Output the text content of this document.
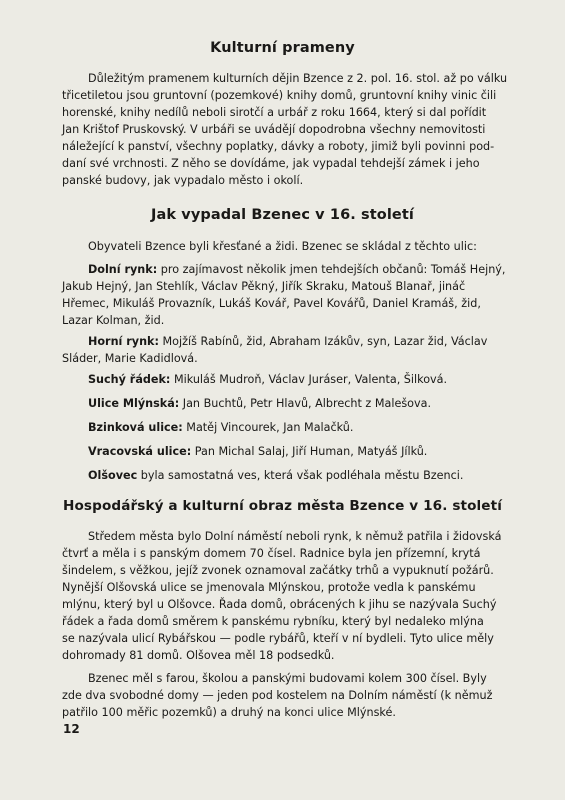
Kulturní prameny
Důležitým pramenem kulturních dějin Bzence z 2. pol. 16. stol. až po válku
třicetiletou jsou gruntovní (pozemkové) knihy domů, gruntovní knihy vinic čili
horenské, knihy nedílů neboli sirotčí a urbář z roku 1664, který si dal pořídit
Jan Krištof Pruskovský. V urbáři se uvádějí dopodrobna všechny nemovitosti
náležející k panství, všechny poplatky, dávky a roboty, jimiž byli povinni pod-
daní své vrchnosti. Z něho se dovídáme, jak vypadal tehdejší zámek i jeho
panské budovy, jak vypadalo město i okolí.
Jak vypadal Bzenec v 16. století
Obyvateli Bzence byli křesťané a židi. Bzenec se skládal z těchto ulic:
Dolní rynk: pro zajímavost několik jmen tehdejších občanů: Tomáš Hejný,
Jakub Hejný, Jan Stehlík, Václav Pěkný, Jiřík Skraku, Matouš Blanař, jináč
Hřemec, Mikuláš Provazník, Lukáš Kovář, Pavel Kovářů, Daniel Kramáš, žid,
Lazar Kolman, žid.
Horní rynk: Mojžíš Rabínů, žid, Abraham Izákův, syn, Lazar žid, Václav
Sláder, Marie Kadidlová.
Suchý řádek: Mikuláš Mudroň, Václav Juráser, Valenta, Šilková.
Ulice Mlýnská: Jan Buchtů, Petr Hlavů, Albrecht z Malešova.
Bzinková ulice: Matěj Vincourek, Jan Malačků.
Vracovská ulice: Pan Michal Salaj, Jiří Human, Matyáš Jílků.
Olšovec byla samostatná ves, která však podléhala městu Bzenci.
Hospodářský a kulturní obraz města Bzence v 16. století
Středem města bylo Dolní náměstí neboli rynk, k němuž patřila i židovská
čtvrť a měla i s panským domem 70 čísel. Radnice byla jen přízemní, krytá
šindelem, s věžkou, jejíž zvonek oznamoval začátky trhů a vypuknutí požárů.
Nynější Olšovská ulice se jmenovala Mlýnskou, protože vedla k panskému
mlýnu, který byl u Olšovce. Řada domů, obrácených k jihu se nazývala Suchý
řádek a řada domů směrem k panskému rybníku, který byl nedaleko mlýna
se nazývala ulicí Rybářskou — podle rybářů, kteří v ní bydleli. Tyto ulice měly
dohromady 81 domů. Olšovea měl 18 podsedků.
Bzenec měl s farou, školou a panskými budovami kolem 300 čísel. Byly
zde dva svobodné domy — jeden pod kostelem na Dolním náměstí (k němuž
patřilo 100 měřic pozemků) a druhý na konci ulice Mlýnské.
12
